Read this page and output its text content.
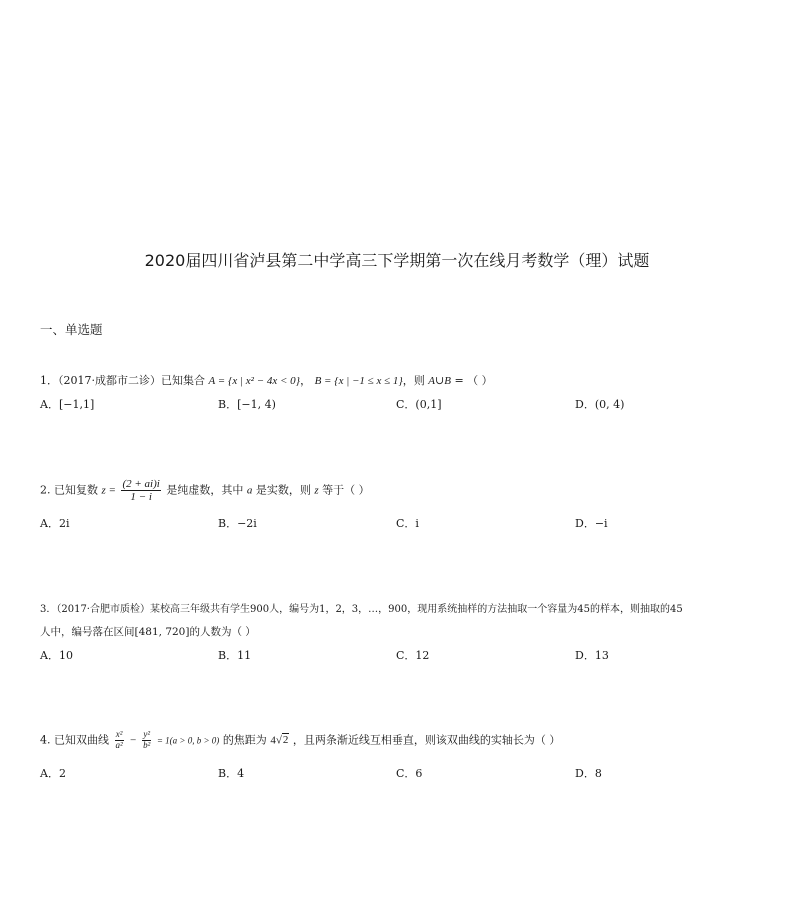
2020届四川省泸县第二中学高三下学期第一次在线月考数学（理）试题
一、单选题
1．（2017·成都市二诊）已知集合 A = {x | x² − 4x < 0}， B = {x | −1 ≤ x ≤ 1}，则 A∪B = （ ）
A．[−1,1]	B．[−1, 4)	C．(0,1]	D．(0, 4)
2. 已知复数 $z = \frac{(2 + ai)i}{1 - i}$ 是纯虚数，其中 a 是实数，则 z 等于（ ）
A．2i	B．−2i	C．i	D．−i
3．（2017·合肥市质检）某校高三年级共有学生900人，编号为1，2，3，…，900，现用系统抽样的方法抽取一个容量为45的样本，则抽取的45
人中，编号落在区间[481, 720]的人数为（ ）
A．10	B．11	C．12	D．13
4. 已知双曲线 $\frac{\text{x²}}{\text{a²}} - \frac{\text{y²}}{\text{b²}} = 1(a > 0$, b > 0) 的焦距为 4√2 ，且两条渐近线互相垂直，则该双曲线的实轴长为（ ）
A．2	B．4	C．6	D．8
